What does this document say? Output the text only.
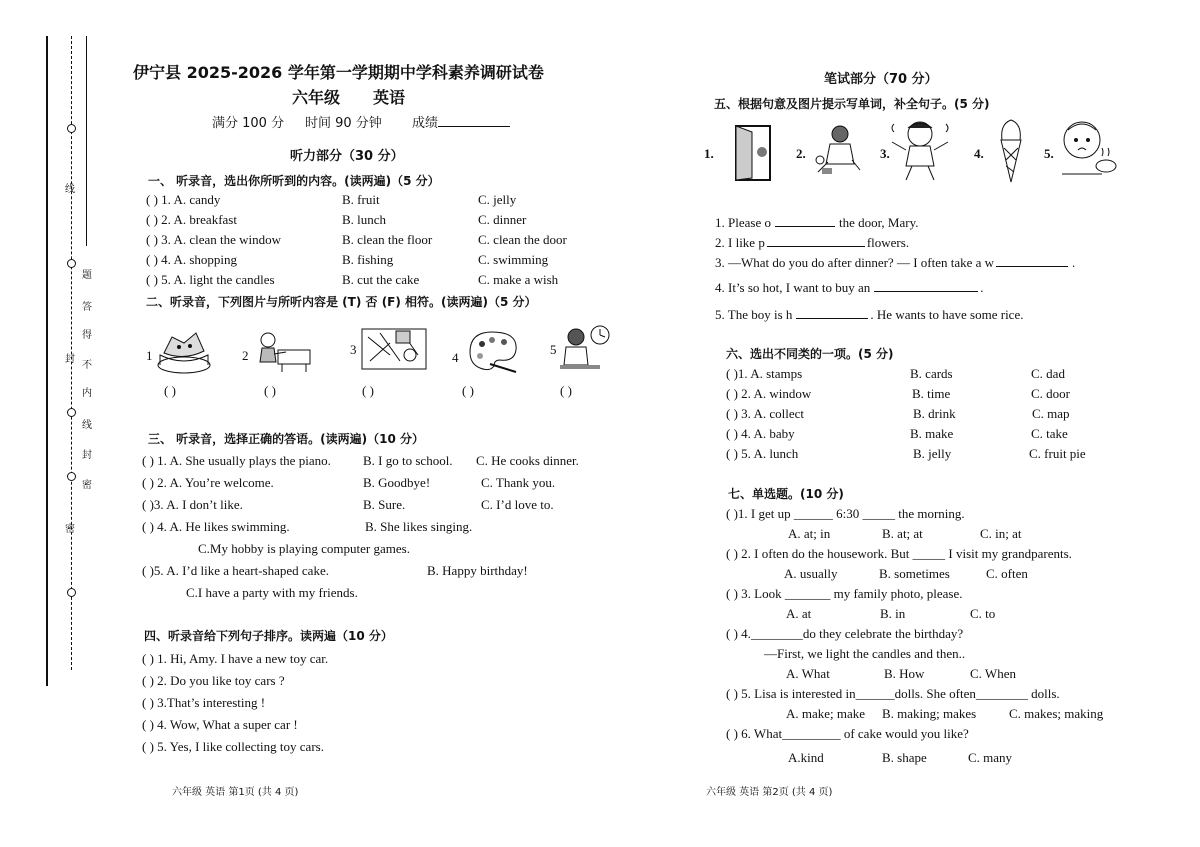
线
题
答
得
不
内
线
封
密
封
密
伊宁县 2025-2026 学年第一学期期中学科素养调研试卷
六年级 英语
满分 100 分 时间 90 分钟 成绩
听力部分（30 分）
一、 听录音，选出你所听到的内容。(读两遍)（5 分）
( ) 1. A. candy	B. fruit	C. jelly
( ) 2. A. breakfast	B. lunch	C. dinner
( ) 3. A. clean the window	B. clean the floor	C. clean the door
( ) 4. A. shopping	B. fishing	C. swimming
( ) 5. A. light the candles	B. cut the cake	C. make a wish
二、听录音，下列图片与所听内容是 (T) 否 (F) 相符。(读两遍)（5 分）
1	2	3
4
5
( )	( )	( )	( )	( )
三、 听录音，选择正确的答语。(读两遍)（10 分）
( ) 1. A. She usually plays the piano. B. I go to school. C. He cooks dinner.
( ) 2. A. You’re welcome.	B. Goodbye!	C. Thank you.
( )3. A. I don’t like.	B. Sure.	C. I’d love to.
( ) 4. A. He likes swimming.	B. She likes singing.
C.My hobby is playing computer games.
( )5. A. I’d like a heart-shaped cake.	B. Happy birthday!
C.I have a party with my friends.
四、听录音给下列句子排序。读两遍（10 分）
( ) 1. Hi, Amy. I have a new toy car.
( ) 2. Do you like toy cars ?
( ) 3.That’s interesting !
( ) 4. Wow, What a super car !
( ) 5. Yes, I like collecting toy cars.
六年级 英语 第1页 (共 4 页)
笔试部分（70 分）
五、根据句意及图片提示写单词，补全句子。(5 分)
1.	2.	3.	4.	5.
1. Please o	the door, Mary.
2. I like p	flowers.
3. —What do you do after dinner? — I often take a w	.
4. It’s so hot, I want to buy an	.
5. The boy is h	. He wants to have some rice.
六、选出不同类的一项。(5 分)
( )1. A. stamps	B. cards	C. dad
( ) 2. A. window	B. time	C. door
( ) 3. A. collect	B. drink	C. map
( ) 4. A. baby	B. make	C. take
( ) 5. A. lunch	B. jelly	C. fruit pie
七、单选题。(10 分)
( )1. I get up ______ 6:30 _____ the morning.
A. at; in	B. at; at	C. in; at
( ) 2. I often do the housework. But _____ I visit my grandparents.
A. usually	B. sometimes	C. often
( ) 3. Look _______ my family photo, please.
A. at	B. in	C. to
( ) 4.________do they celebrate the birthday?
—First, we light the candles and then..
A. What	B. How	C. When
( ) 5. Lisa is interested in______dolls. She often________ dolls.
A. make; make B. making; makes	C. makes; making
( ) 6. What_________ of cake would you like?
A.kind	B. shape	C. many
六年级 英语 第2页 (共 4 页)
